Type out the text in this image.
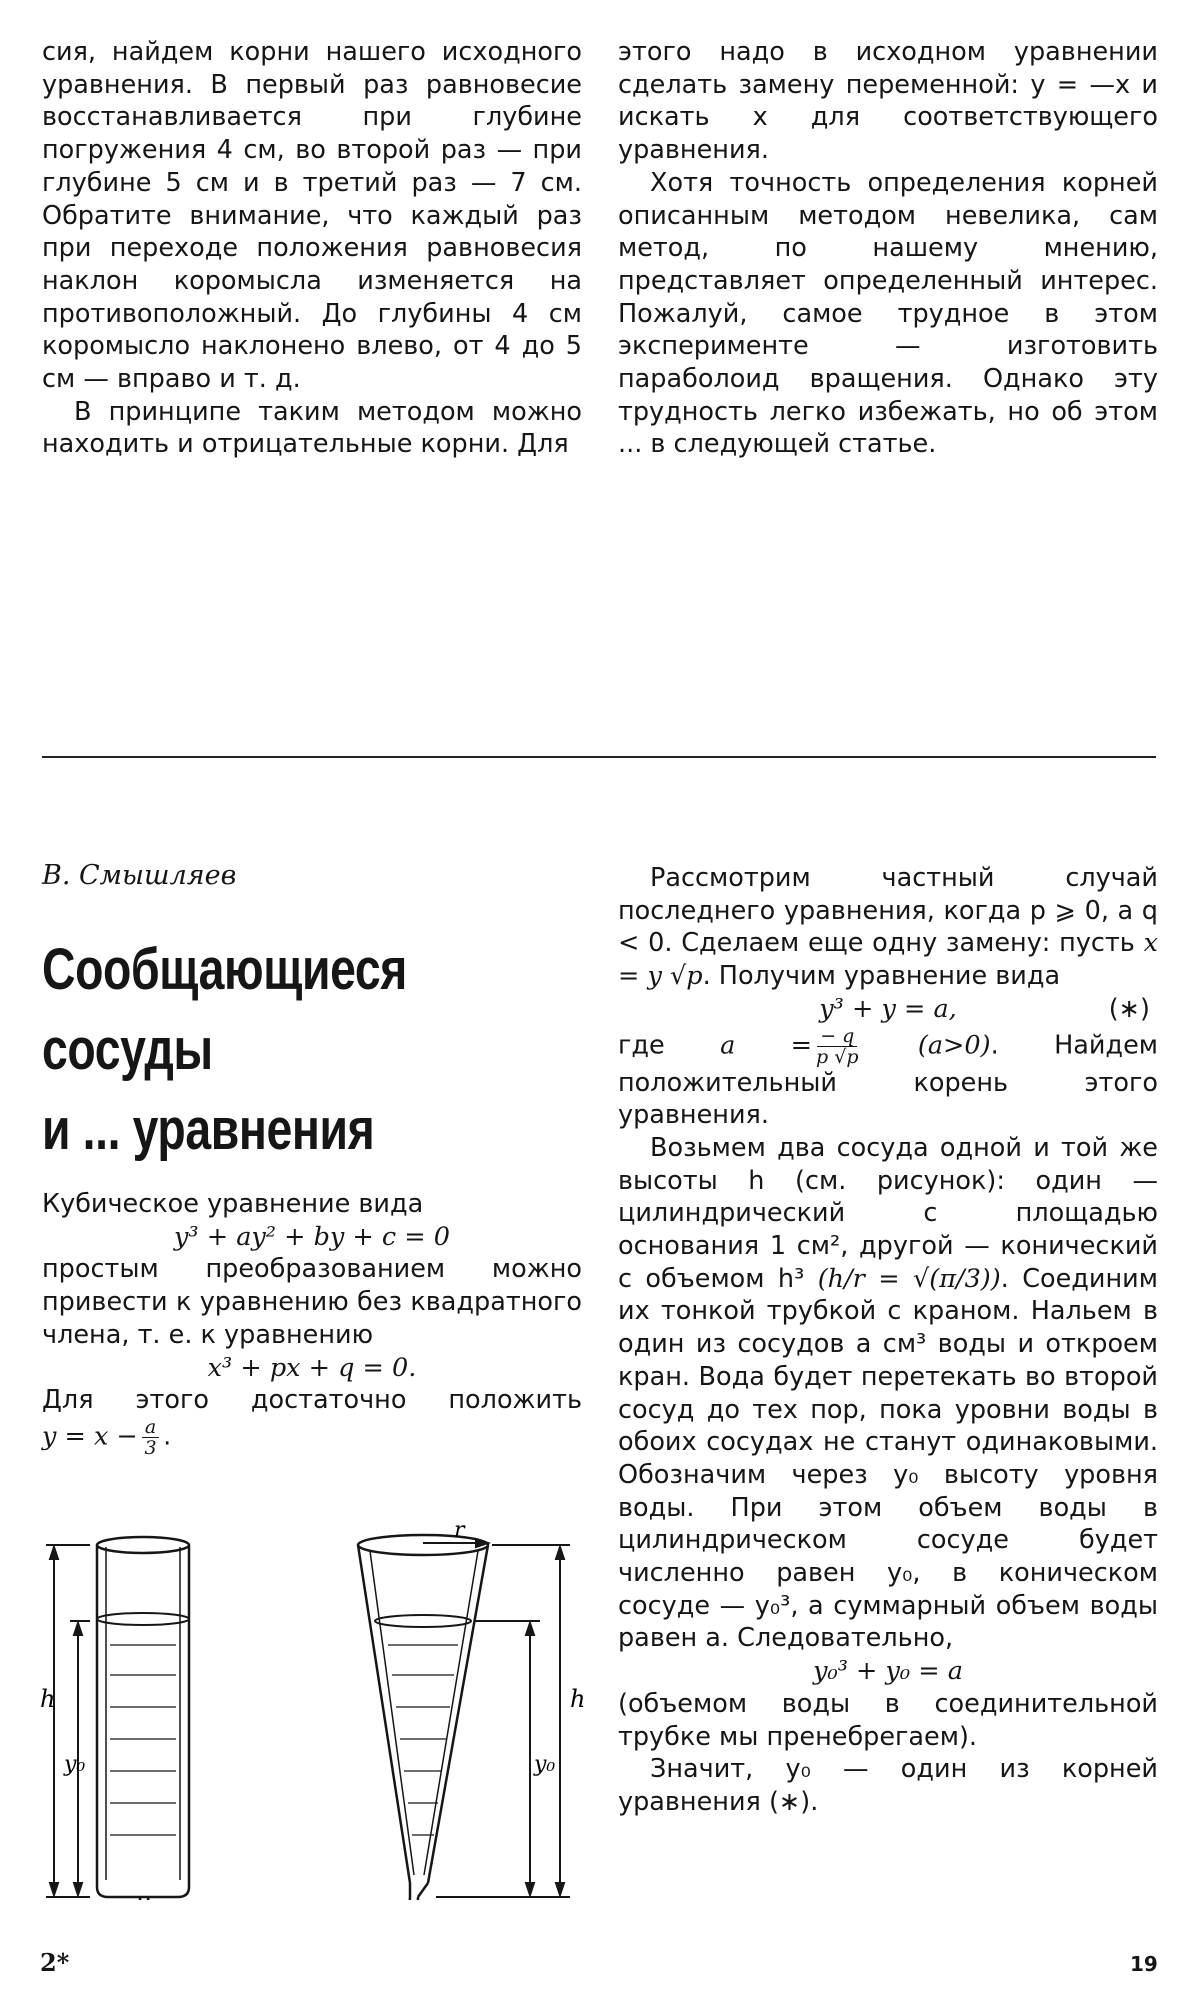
сия, найдем корни нашего исходного уравнения. В первый раз равновесие восстанавливается при глубине погружения 4 см, во второй раз — при глубине 5 см и в третий раз — 7 см. Обратите внимание, что каждый раз при переходе положения равновесия наклон коромысла изменяется на противоположный. До глубины 4 см коромысло наклонено влево, от 4 до 5 см — вправо и т. д.

В принципе таким методом можно находить и отрицательные корни. Для

этого надо в исходном уравнении сделать замену переменной: y = —x и искать x для соответствующего уравнения.

Хотя точность определения корней описанным методом невелика, сам метод, по нашему мнению, представляет определенный интерес. Пожалуй, самое трудное в этом эксперименте — изготовить параболоид вращения. Однако эту трудность легко избежать, но об этом ... в следующей статье.

В. Смышляев
Сообщающиеся
сосуды
и ... уравнения

Кубическое уравнение вида

y³ + ay² + by + c = 0

простым преобразованием можно привести к уравнению без квадратного члена, т. е. к уравнению

x³ + px + q = 0.

Для этого достаточно положить

$y = x - \frac{a}{3}$ .

h
y₀
h
y₀
r

Рассмотрим частный случай последнего уравнения, когда p ⩾ 0, a q < 0. Сделаем еще одну замену: пусть x = y √p. Получим уравнение вида

y³ + y = a,	(∗)

где $a = \frac{- q}{p √p} (a>0)$. Найдем положительный корень этого уравнения.

Возьмем два сосуда одной и той же высоты h (см. рисунок): один — цилиндрический с площадью основания 1 см², другой — конический с объемом h³ (h/r = √(π/3)). Соединим их тонкой трубкой с краном. Нальем в один из сосудов a см³ воды и откроем кран. Вода будет перетекать во второй сосуд до тех пор, пока уровни воды в обоих сосудах не станут одинаковыми. Обозначим через y₀ высоту уровня воды. При этом объем воды в цилиндрическом сосуде будет численно равен y₀, в коническом сосуде — y₀³, а суммарный объем воды равен a. Следовательно,

y₀³ + y₀ = a

(объемом воды в соединительной трубке мы пренебрегаем).

Значит, y₀ — один из корней уравнения (∗).

2*	19
